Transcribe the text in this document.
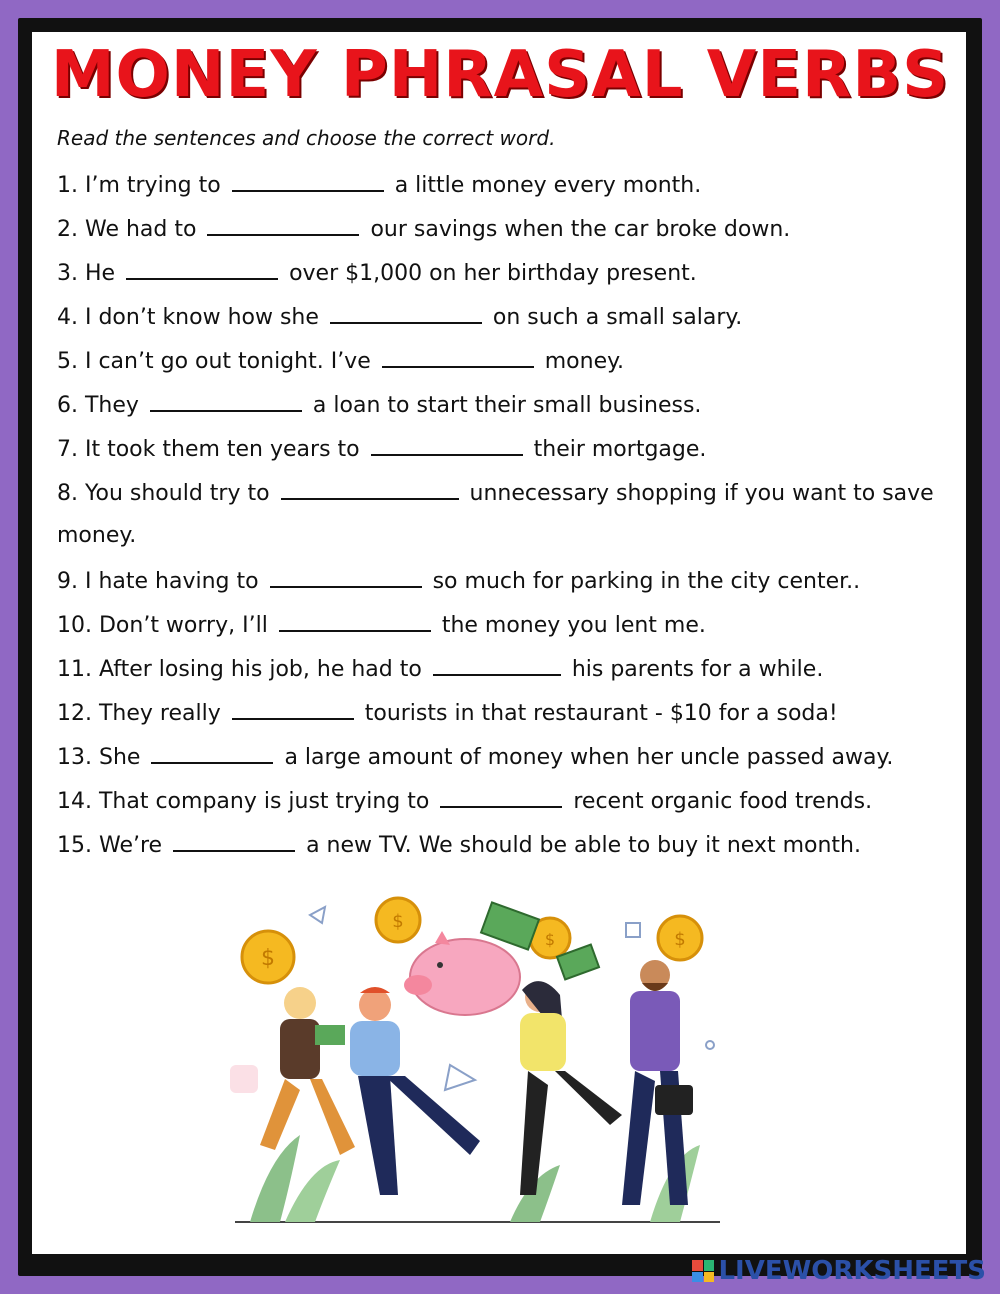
MONEY PHRASAL VERBS
Read the sentences and choose the correct word.
1. I’m trying to	a little money every month.
2. We had to	our savings when the car broke down.
3. He	over $1,000 on her birthday present.
4. I don’t know how she	on such a small salary.
5. I can’t go out tonight. I’ve	money.
6. They	a loan to start their small business.
7. It took them ten years to	their mortgage.
8. You should try to	unnecessary shopping if you want to save
money.
9. I hate having to	so much for parking in the city center..
10. Don’t worry, I’ll	the money you lent me.
11. After losing his job, he had to	his parents for a while.
12. They really	tourists in that restaurant - $10 for a soda!
13. She	a large amount of money when her uncle passed away.
14. That company is just trying to	recent organic food trends.
15. We’re	a new TV. We should be able to buy it next month.
$
$
$	$
LIVEWORKSHEETS
